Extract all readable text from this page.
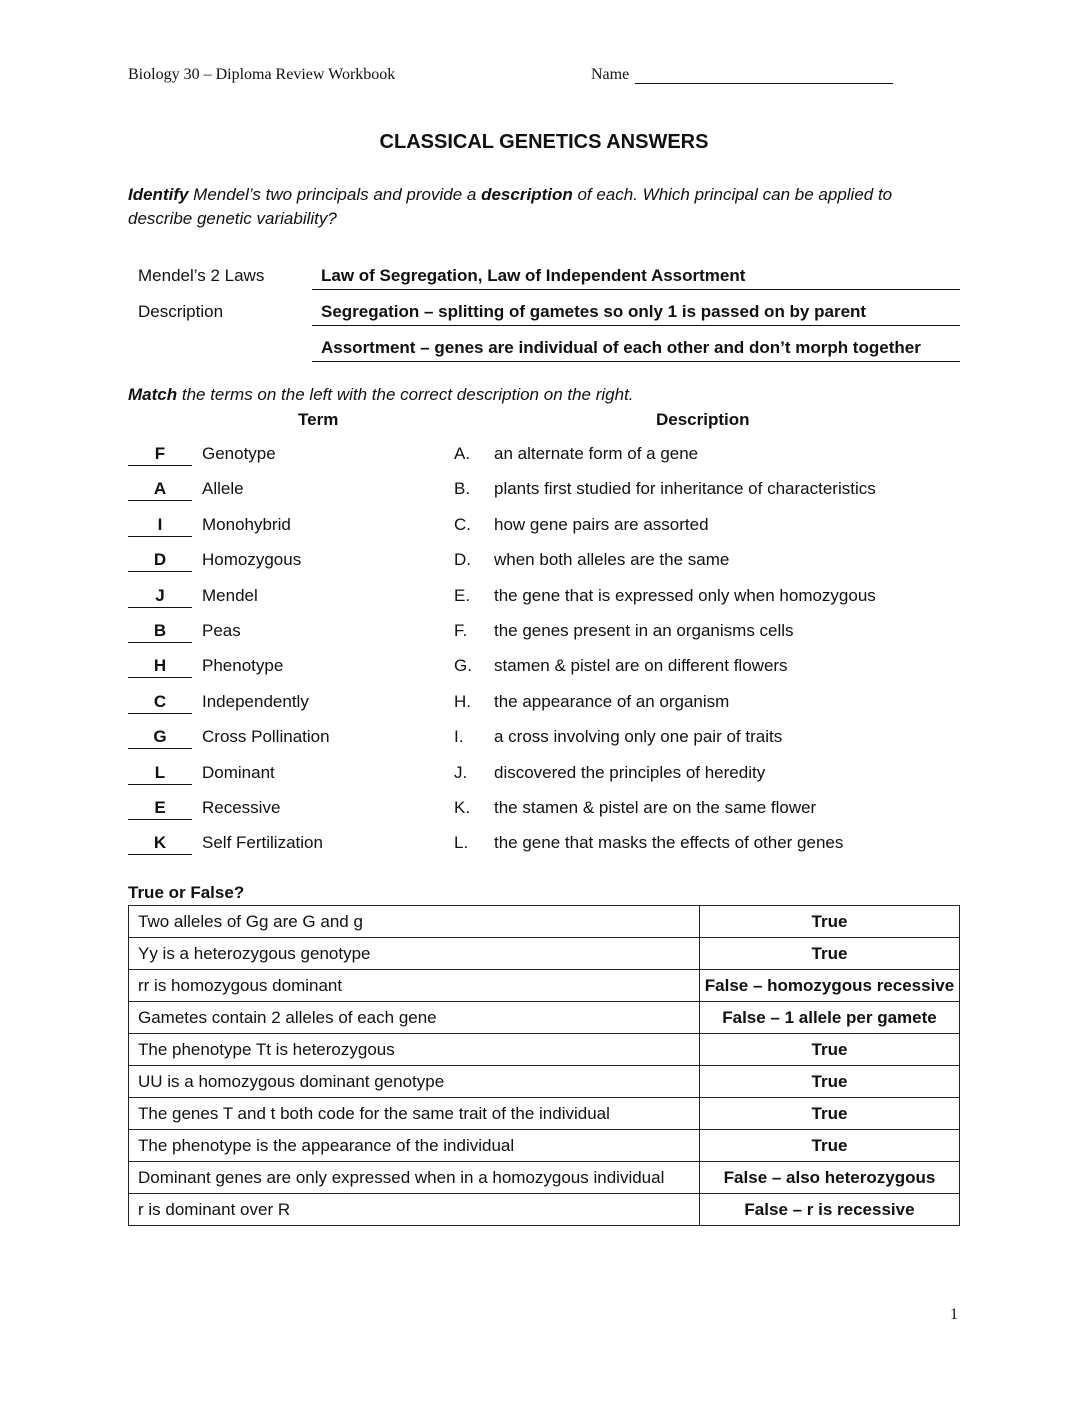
Biology 30 – Diploma Review Workbook	Name
CLASSICAL GENETICS ANSWERS
Identify Mendel’s two principals and provide a description of each. Which principal can be applied to describe genetic variability?
Mendel’s 2 Laws	Law of Segregation, Law of Independent Assortment
Description	Segregation – splitting of gametes so only 1 is passed on by parent
Assortment – genes are individual of each other and don’t morph together
Match the terms on the left with the correct description on the right.
Term	Description
F	Genotype	A. an alternate form of a gene
A	Allele	B. plants first studied for inheritance of characteristics
I	Monohybrid	C. how gene pairs are assorted
D	Homozygous	D. when both alleles are the same
J	Mendel	E. the gene that is expressed only when homozygous
B	Peas	F. the genes present in an organisms cells
H	Phenotype	G. stamen & pistel are on different flowers
C	Independently	H. the appearance of an organism
G	Cross Pollination	I. a cross involving only one pair of traits
L	Dominant	J. discovered the principles of heredity
E	Recessive	K. the stamen & pistel are on the same flower
K	Self Fertilization	L. the gene that masks the effects of other genes
True or False?
Two alleles of Gg are G and g	True
Yy is a heterozygous genotype	True
rr is homozygous dominant	False – homozygous recessive
Gametes contain 2 alleles of each gene	False – 1 allele per gamete
The phenotype Tt is heterozygous	True
UU is a homozygous dominant genotype	True
The genes T and t both code for the same trait of the individual	True
The phenotype is the appearance of the individual	True
Dominant genes are only expressed when in a homozygous individual	False – also heterozygous
r is dominant over R	False – r is recessive
1
